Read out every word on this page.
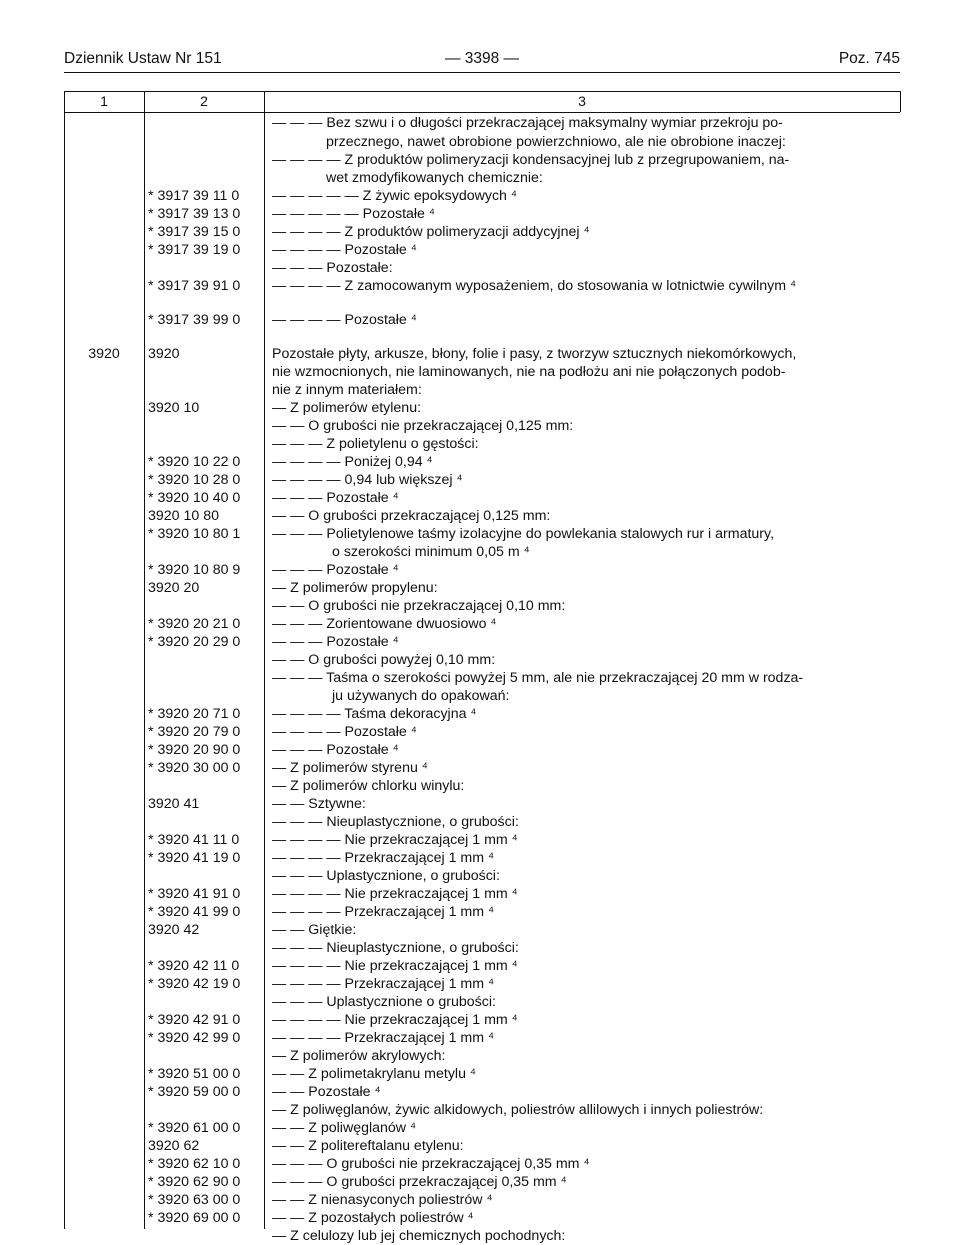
Dziennik Ustaw Nr 151	— 3398 —	Poz. 745
1	2	3
— — — Bez szwu i o długości przekraczającej maksymalny wymiar przekroju po-
przecznego, nawet obrobione powierzchniowo, ale nie obrobione inaczej:
— — — — Z produktów polimeryzacji kondensacyjnej lub z przegrupowaniem, na-
wet zmodyfikowanych chemicznie:
* 3917 39 11 0	— — — — — Z żywic epoksydowych ⁴
* 3917 39 13 0	— — — — — Pozostałe ⁴
* 3917 39 15 0	— — — — Z produktów polimeryzacji addycyjnej ⁴
* 3917 39 19 0	— — — — Pozostałe ⁴
— — — Pozostałe:
* 3917 39 91 0	— — — — Z zamocowanym wyposażeniem, do stosowania w lotnictwie cywilnym ⁴
* 3917 39 99 0	— — — — Pozostałe ⁴
3920	3920	Pozostałe płyty, arkusze, błony, folie i pasy, z tworzyw sztucznych niekomórkowych,
nie wzmocnionych, nie laminowanych, nie na podłożu ani nie połączonych podob-
nie z innym materiałem:
3920 10	— Z polimerów etylenu:
— — O grubości nie przekraczającej 0,125 mm:
— — — Z polietylenu o gęstości:
* 3920 10 22 0	— — — — Poniżej 0,94 ⁴
* 3920 10 28 0	— — — — 0,94 lub większej ⁴
* 3920 10 40 0	— — — Pozostałe ⁴
3920 10 80	— — O grubości przekraczającej 0,125 mm:
* 3920 10 80 1	— — — Polietylenowe taśmy izolacyjne do powlekania stalowych rur i armatury,
o szerokości minimum 0,05 m ⁴
* 3920 10 80 9	— — — Pozostałe ⁴
3920 20	— Z polimerów propylenu:
— — O grubości nie przekraczającej 0,10 mm:
* 3920 20 21 0	— — — Zorientowane dwuosiowo ⁴
* 3920 20 29 0	— — — Pozostałe ⁴
— — O grubości powyżej 0,10 mm:
— — — Taśma o szerokości powyżej 5 mm, ale nie przekraczającej 20 mm w rodza-
ju używanych do opakowań:
* 3920 20 71 0	— — — — Taśma dekoracyjna ⁴
* 3920 20 79 0	— — — — Pozostałe ⁴
* 3920 20 90 0	— — — Pozostałe ⁴
* 3920 30 00 0	— Z polimerów styrenu ⁴
— Z polimerów chlorku winylu:
3920 41	— — Sztywne:
— — — Nieuplastycznione, o grubości:
* 3920 41 11 0	— — — — Nie przekraczającej 1 mm ⁴
* 3920 41 19 0	— — — — Przekraczającej 1 mm ⁴
— — — Uplastycznione, o grubości:
* 3920 41 91 0	— — — — Nie przekraczającej 1 mm ⁴
* 3920 41 99 0	— — — — Przekraczającej 1 mm ⁴
3920 42	— — Giętkie:
— — — Nieuplastycznione, o grubości:
* 3920 42 11 0	— — — — Nie przekraczającej 1 mm ⁴
* 3920 42 19 0	— — — — Przekraczającej 1 mm ⁴
— — — Uplastycznione o grubości:
* 3920 42 91 0	— — — — Nie przekraczającej 1 mm ⁴
* 3920 42 99 0	— — — — Przekraczającej 1 mm ⁴
— Z polimerów akrylowych:
* 3920 51 00 0	— — Z polimetakrylanu metylu ⁴
* 3920 59 00 0	— — Pozostałe ⁴
— Z poliwęglanów, żywic alkidowych, poliestrów allilowych i innych poliestrów:
* 3920 61 00 0	— — Z poliwęglanów ⁴
3920 62	— — Z politereftalanu etylenu:
* 3920 62 10 0	— — — O grubości nie przekraczającej 0,35 mm ⁴
* 3920 62 90 0	— — — O grubości przekraczającej 0,35 mm ⁴
* 3920 63 00 0	— — Z nienasyconych poliestrów ⁴
* 3920 69 00 0	— — Z pozostałych poliestrów ⁴
— Z celulozy lub jej chemicznych pochodnych:
